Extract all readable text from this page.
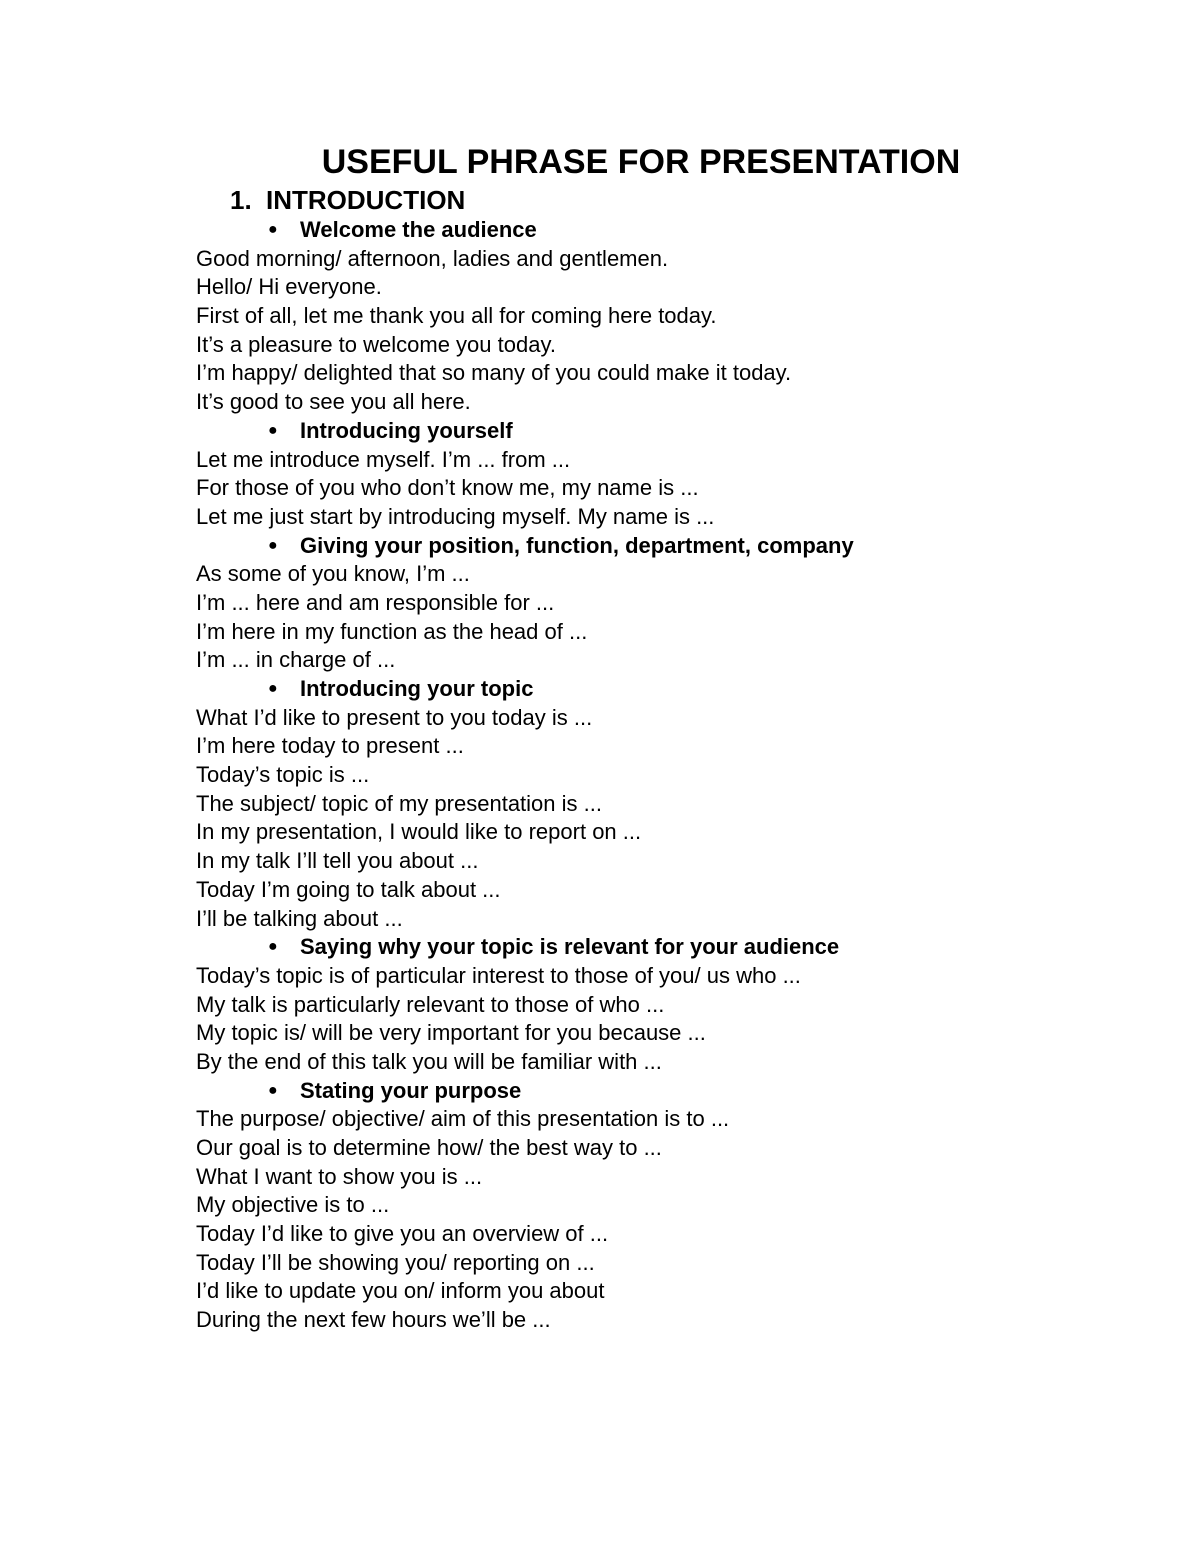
USEFUL PHRASE FOR PRESENTATION
1. INTRODUCTION
● Welcome the audience
Good morning/ afternoon, ladies and gentlemen.
Hello/ Hi everyone.
First of all, let me thank you all for coming here today.
It’s a pleasure to welcome you today.
I’m happy/ delighted that so many of you could make it today.
It’s good to see you all here.
● Introducing yourself
Let me introduce myself. I’m ... from ...
For those of you who don’t know me, my name is ...
Let me just start by introducing myself. My name is ...
● Giving your position, function, department, company
As some of you know, I’m ...
I’m ... here and am responsible for ...
I’m here in my function as the head of ...
I’m ... in charge of ...
● Introducing your topic
What I’d like to present to you today is ...
I’m here today to present ...
Today’s topic is ...
The subject/ topic of my presentation is ...
In my presentation, I would like to report on ...
In my talk I’ll tell you about ...
Today I’m going to talk about ...
I’ll be talking about ...
● Saying why your topic is relevant for your audience
Today’s topic is of particular interest to those of you/ us who ...
My talk is particularly relevant to those of who ...
My topic is/ will be very important for you because ...
By the end of this talk you will be familiar with ...
● Stating your purpose
The purpose/ objective/ aim of this presentation is to ...
Our goal is to determine how/ the best way to ...
What I want to show you is ...
My objective is to ...
Today I’d like to give you an overview of ...
Today I’ll be showing you/ reporting on ...
I’d like to update you on/ inform you about
During the next few hours we’ll be ...
